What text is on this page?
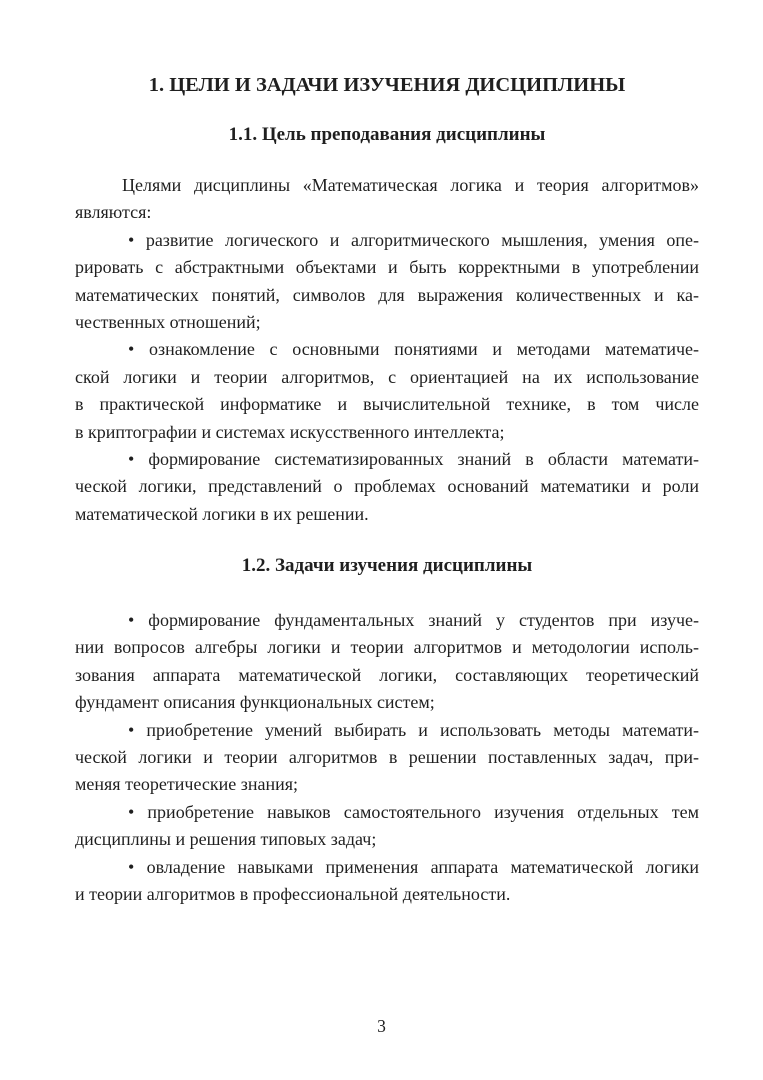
1. ЦЕЛИ И ЗАДАЧИ ИЗУЧЕНИЯ ДИСЦИПЛИНЫ
1.1. Цель преподавания дисциплины
Целями дисциплины «Математическая логика и теория алгоритмов»
являются:
• развитие логического и алгоритмического мышления, умения опе-
рировать с абстрактными объектами и быть корректными в употреблении
математических понятий, символов для выражения количественных и ка-
чественных отношений;
• ознакомление с основными понятиями и методами математиче-
ской логики и теории алгоритмов, с ориентацией на их использование
в практической информатике и вычислительной технике, в том числе
в криптографии и системах искусственного интеллекта;
• формирование систематизированных знаний в области математи-
ческой логики, представлений о проблемах оснований математики и роли
математической логики в их решении.
1.2. Задачи изучения дисциплины
• формирование фундаментальных знаний у студентов при изуче-
нии вопросов алгебры логики и теории алгоритмов и методологии исполь-
зования аппарата математической логики, составляющих теоретический
фундамент описания функциональных систем;
• приобретение умений выбирать и использовать методы математи-
ческой логики и теории алгоритмов в решении поставленных задач, при-
меняя теоретические знания;
• приобретение навыков самостоятельного изучения отдельных тем
дисциплины и решения типовых задач;
• овладение навыками применения аппарата математической логики
и теории алгоритмов в профессиональной деятельности.
3
